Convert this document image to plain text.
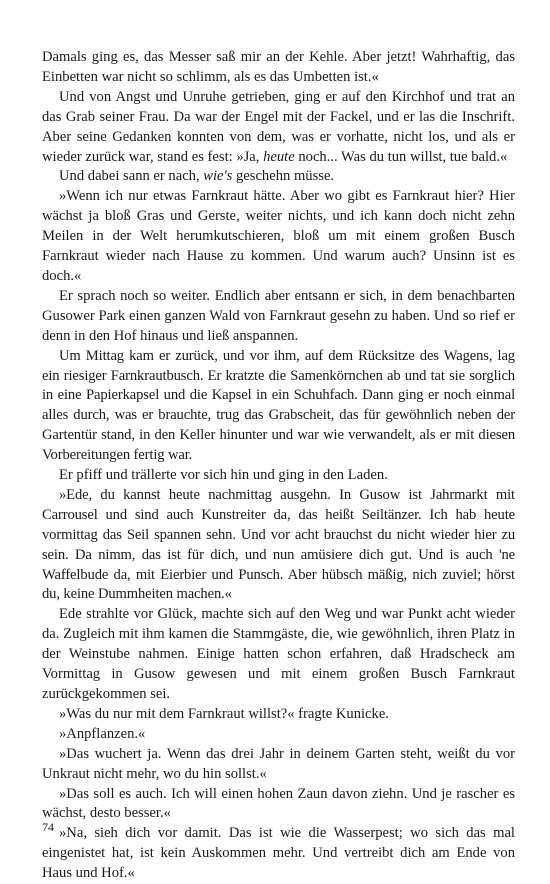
Damals ging es, das Messer saß mir an der Kehle. Aber jetzt! Wahrhaftig, das Einbetten war nicht so schlimm, als es das Umbetten ist.«

Und von Angst und Unruhe getrieben, ging er auf den Kirchhof und trat an das Grab seiner Frau. Da war der Engel mit der Fackel, und er las die Inschrift. Aber seine Gedanken konnten von dem, was er vorhatte, nicht los, und als er wieder zurück war, stand es fest: »Ja, heute noch... Was du tun willst, tue bald.«

Und dabei sann er nach, wie's geschehn müsse.

»Wenn ich nur etwas Farnkraut hätte. Aber wo gibt es Farnkraut hier? Hier wächst ja bloß Gras und Gerste, weiter nichts, und ich kann doch nicht zehn Meilen in der Welt herumkutschieren, bloß um mit einem großen Busch Farnkraut wieder nach Hause zu kommen. Und warum auch? Unsinn ist es doch.«

Er sprach noch so weiter. Endlich aber entsann er sich, in dem benachbarten Gusower Park einen ganzen Wald von Farnkraut gesehn zu haben. Und so rief er denn in den Hof hinaus und ließ anspannen.

Um Mittag kam er zurück, und vor ihm, auf dem Rücksitze des Wagens, lag ein riesiger Farnkrautbusch. Er kratzte die Samenkörnchen ab und tat sie sorglich in eine Papierkapsel und die Kapsel in ein Schuhfach. Dann ging er noch einmal alles durch, was er brauchte, trug das Grabscheit, das für gewöhnlich neben der Gartentür stand, in den Keller hinunter und war wie verwandelt, als er mit diesen Vorbereitungen fertig war.

Er pfiff und trällerte vor sich hin und ging in den Laden.

»Ede, du kannst heute nachmittag ausgehn. In Gusow ist Jahrmarkt mit Carrousel und sind auch Kunstreiter da, das heißt Seiltänzer. Ich hab heute vormittag das Seil spannen sehn. Und vor acht brauchst du nicht wieder hier zu sein. Da nimm, das ist für dich, und nun amüsiere dich gut. Und is auch 'ne Waffelbude da, mit Eierbier und Punsch. Aber hübsch mäßig, nich zuviel; hörst du, keine Dummheiten machen.«

Ede strahlte vor Glück, machte sich auf den Weg und war Punkt acht wieder da. Zugleich mit ihm kamen die Stammgäste, die, wie gewöhnlich, ihren Platz in der Weinstube nahmen. Einige hatten schon erfahren, daß Hradscheck am Vormittag in Gusow gewesen und mit einem großen Busch Farnkraut zurückgekommen sei.

»Was du nur mit dem Farnkraut willst?« fragte Kunicke.

»Anpflanzen.«

»Das wuchert ja. Wenn das drei Jahr in deinem Garten steht, weißt du vor Unkraut nicht mehr, wo du hin sollst.«

»Das soll es auch. Ich will einen hohen Zaun davon ziehn. Und je rascher es wächst, desto besser.«

»Na, sieh dich vor damit. Das ist wie die Wasserpest; wo sich das mal eingenistet hat, ist kein Auskommen mehr. Und vertreibt dich am Ende von Haus und Hof.«

74
